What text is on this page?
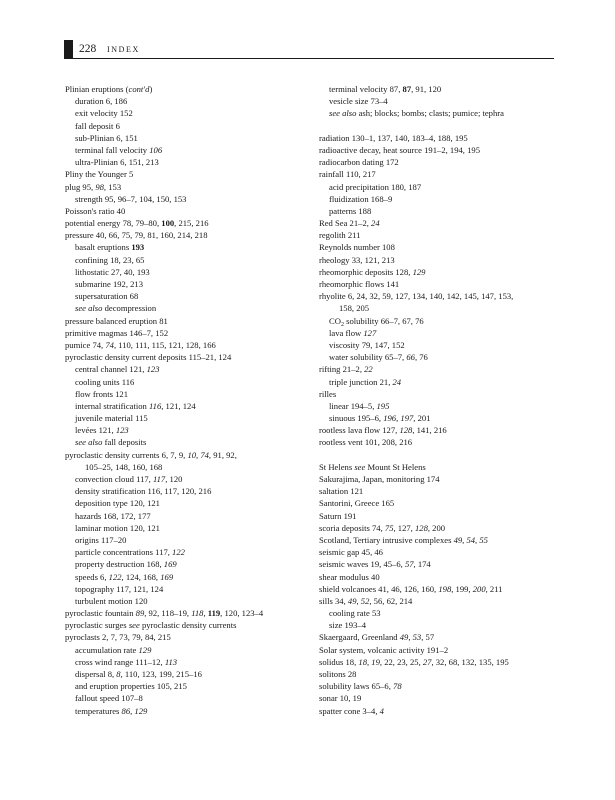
228 INDEX
Plinian eruptions (cont'd)
duration 6, 186
exit velocity 152
fall deposit 6
sub-Plinian 6, 151
terminal fall velocity 106
ultra-Plinian 6, 151, 213
Pliny the Younger 5
plug 95, 98, 153
strength 95, 96–7, 104, 150, 153
Poisson's ratio 40
potential energy 78, 79–80, 100, 215, 216
pressure 40, 66, 75, 79, 81, 160, 214, 218
basalt eruptions 193
confining 18, 23, 65
lithostatic 27, 40, 193
submarine 192, 213
supersaturation 68
see also decompression
pressure balanced eruption 81
primitive magmas 146–7, 152
pumice 74, 74, 110, 111, 115, 121, 128, 166
pyroclastic density current deposits 115–21, 124
central channel 121, 123
cooling units 116
flow fronts 121
internal stratification 116, 121, 124
juvenile material 115
levées 121, 123
see also fall deposits
pyroclastic density currents 6, 7, 9, 10, 74, 91, 92,
105–25, 148, 160, 168
convection cloud 117, 117, 120
density stratification 116, 117, 120, 216
deposition type 120, 121
hazards 168, 172, 177
laminar motion 120, 121
origins 117–20
particle concentrations 117, 122
property destruction 168, 169
speeds 6, 122, 124, 168, 169
topography 117, 121, 124
turbulent motion 120
pyroclastic fountain 89, 92, 118–19, 118, 119, 120, 123–4
pyroclastic surges see pyroclastic density currents
pyroclasts 2, 7, 73, 79, 84, 215
accumulation rate 129
cross wind range 111–12, 113
dispersal 8, 8, 110, 123, 199, 215–16
and eruption properties 105, 215
fallout speed 107–8
temperatures 86, 129
terminal velocity 87, 87, 91, 120
vesicle size 73–4
see also ash; blocks; bombs; clasts; pumice; tephra
radiation 130–1, 137, 140, 183–4, 188, 195
radioactive decay, heat source 191–2, 194, 195
radiocarbon dating 172
rainfall 110, 217
acid precipitation 180, 187
fluidization 168–9
patterns 188
Red Sea 21–2, 24
regolith 211
Reynolds number 108
rheology 33, 121, 213
rheomorphic deposits 128, 129
rheomorphic flows 141
rhyolite 6, 24, 32, 59, 127, 134, 140, 142, 145, 147, 153,
158, 205
$CO_2$ solubility 66–7, 67, 76
lava flow 127
viscosity 79, 147, 152
water solubility 65–7, 66, 76
rifting 21–2, 22
triple junction 21, 24
rilles
linear 194–5, 195
sinuous 195–6, 196, 197, 201
rootless lava flow 127, 128, 141, 216
rootless vent 101, 208, 216
St Helens see Mount St Helens
Sakurajima, Japan, monitoring 174
saltation 121
Santorini, Greece 165
Saturn 191
scoria deposits 74, 75, 127, 128, 200
Scotland, Tertiary intrusive complexes 49, 54, 55
seismic gap 45, 46
seismic waves 19, 45–6, 57, 174
shear modulus 40
shield volcanoes 41, 46, 126, 160, 198, 199, 200, 211
sills 34, 49, 52, 56, 62, 214
cooling rate 53
size 193–4
Skaergaard, Greenland 49, 53, 57
Solar system, volcanic activity 191–2
solidus 18, 18, 19, 22, 23, 25, 27, 32, 68, 132, 135, 195
solitons 28
solubility laws 65–6, 78
sonar 10, 19
spatter cone 3–4, 4
